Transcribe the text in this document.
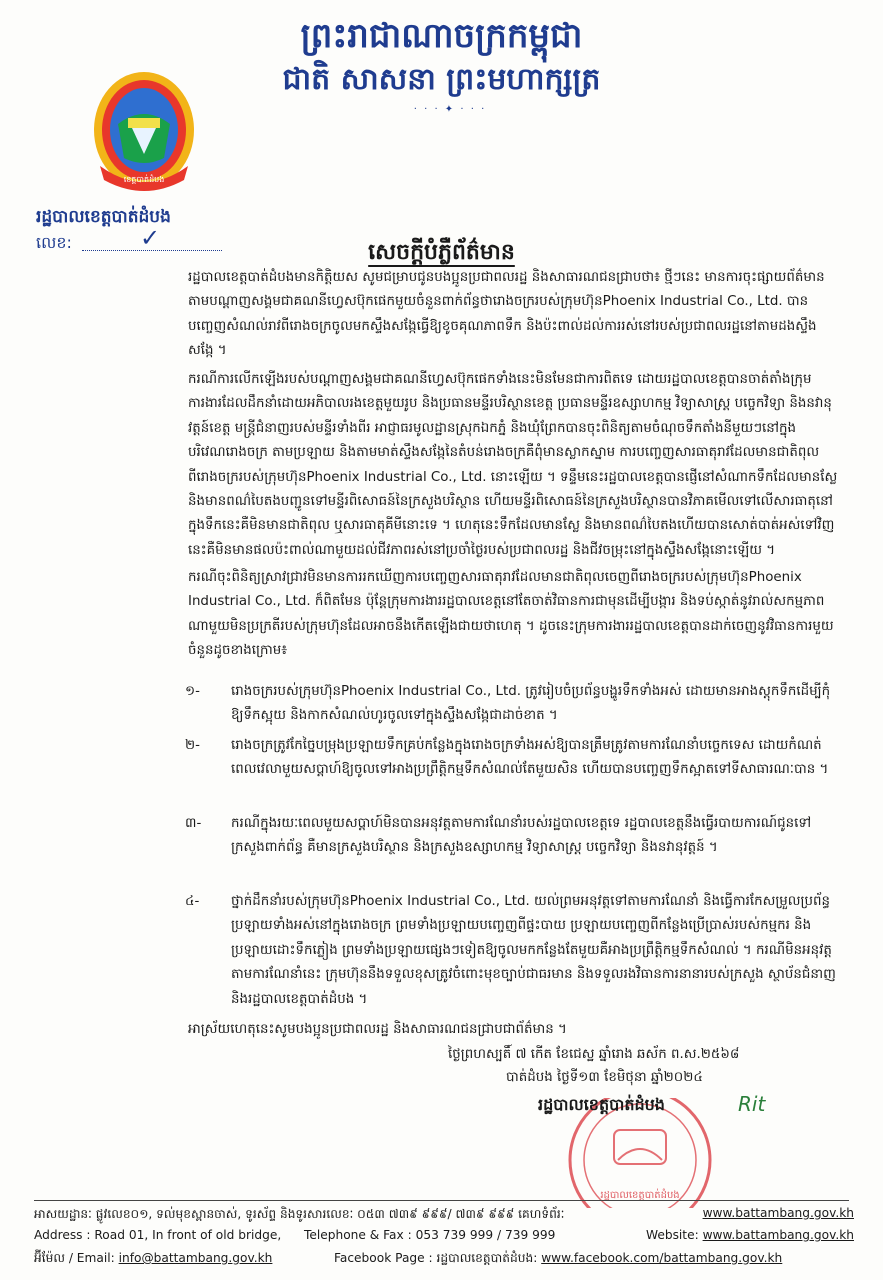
ព្រះរាជាណាចក្រកម្ពុជា
ជាតិ សាសនា ព្រះមហាក្សត្រ
· · · ✦ · · ·
ខេត្តបាត់ដំបង
រដ្ឋបាលខេត្តបាត់ដំបង
លេខ:	✓
សេចក្ដីបំភ្លឺព័ត៌មាន

រដ្ឋបាលខេត្តបាត់ដំបងមានកិត្តិយស សូមជម្រាបជូនបងប្អូនប្រជាពលរដ្ឋ និងសាធារណជនជ្រាបថា៖ ថ្មីៗនេះ មានការចុះផ្សាយព័ត៌មានតាមបណ្ដាញសង្គមជាគណនីហ្វេសប៊ុកផេកមួយចំនួនពាក់ព័ន្ធថារោងចក្ររបស់ក្រុមហ៊ុនPhoenix Industrial Co., Ltd. បានបញ្ចេញសំណល់រាវពីរោងចក្រចូលមកស្ទឹងសង្កែធ្វើឱ្យខូចគុណភាពទឹក និងប៉ះពាល់ដល់ការរស់នៅរបស់ប្រជាពលរដ្ឋនៅតាមដងស្ទឹងសង្កែ ។

ករណីការលើកឡើងរបស់បណ្ដាញសង្គមជាគណនីហ្វេសប៊ុកផេកទាំងនេះមិនមែនជាការពិតទេ ដោយរដ្ឋបាលខេត្តបានចាត់តាំងក្រុមការងារដែលដឹកនាំដោយអភិបាលរងខេត្តមួយរូប និងប្រធានមន្ទីរបរិស្ថានខេត្ត ប្រធានមន្ទីរឧស្សាហកម្ម វិទ្យាសាស្ត្រ បច្ចេកវិទ្យា និងនវានុវត្តន៍ខេត្ត មន្ត្រីជំនាញរបស់មន្ទីរទាំងពីរ អាជ្ញាធរមូលដ្ឋានស្រុកឯកភ្នំ និងឃុំព្រែកបានចុះពិនិត្យតាមចំណុចទឹកតាំងនីមួយៗនៅក្នុងបរិវេណរោងចក្រ តាមប្រឡាយ និងតាមមាត់ស្ទឹងសង្កែនៃតំបន់រោងចក្រគឺពុំមានស្លាកស្នាម ការបញ្ចេញសារធាតុរាវដែលមានជាតិពុលពីរោងចក្ររបស់ក្រុមហ៊ុនPhoenix Industrial Co., Ltd. នោះឡើយ ។ ទន្ទឹមនេះរដ្ឋបាលខេត្តបានផ្ញើនៅសំណាកទឹកដែលមានស្លែ និងមានពណ៌បៃតងបញ្ជូនទៅមន្ទីរពិសោធន៍នៃក្រសួងបរិស្ថាន ហើយមន្ទីរពិសោធន៍នៃក្រសួងបរិស្ថានបានវិភាគមើលទៅលើសារធាតុនៅក្នុងទឹកនេះគឺមិនមានជាតិពុល ឬសារធាតុគីមីនោះទេ ។ ហេតុនេះទឹកដែលមានស្លែ និងមានពណ៌បៃតងហើយបានសោត់បាត់អស់ទៅវិញនេះគឺមិនមានផលប៉ះពាល់ណាមួយដល់ជីវភាពរស់នៅប្រចាំថ្ងៃរបស់ប្រជាពលរដ្ឋ និងជីវចម្រុះនៅក្នុងស្ទឹងសង្កែនោះឡើយ ។

ករណីចុះពិនិត្យស្រាវជ្រាវមិនមានការរកឃើញការបញ្ចេញសារធាតុរាវដែលមានជាតិពុលចេញពីរោងចក្ររបស់ក្រុមហ៊ុនPhoenix Industrial Co., Ltd. ក៏ពិតមែន ប៉ុន្តែក្រុមការងាររដ្ឋបាលខេត្តនៅតែចាត់វិធានការជាមុនដើម្បីបង្ការ និងទប់ស្កាត់នូវរាល់សកម្មភាពណាមួយមិនប្រក្រតីរបស់ក្រុមហ៊ុនដែលអាចនឹងកើតឡើងជាយថាហេតុ ។ ដូចនេះក្រុមការងាររដ្ឋបាលខេត្តបានដាក់ចេញនូវវិធានការមួយចំនួនដូចខាងក្រោម៖

១- រោងចក្ររបស់ក្រុមហ៊ុនPhoenix Industrial Co., Ltd. ត្រូវរៀបចំប្រព័ន្ធបង្ហូរទឹកទាំងអស់ ដោយមានអាងស្ដុកទឹកដើម្បីកុំឱ្យទឹកស្អុយ និងកាកសំណល់ហូរចូលទៅក្នុងស្ទឹងសង្កែជាដាច់ខាត ។
២- រោងចក្រត្រូវកែច្នៃបម្រុងប្រឡាយទឹកគ្រប់កន្លែងក្នុងរោងចក្រទាំងអស់ឱ្យបានត្រឹមត្រូវតាមការណែនាំបច្ចេកទេស ដោយកំណត់ពេលវេលាមួយសប្ដាហ៍ឱ្យចូលទៅអាងប្រព្រឹត្តិកម្មទឹកសំណល់តែមួយសិន ហើយបានបញ្ចេញទឹកស្អាតទៅទីសាធារណៈបាន ។
៣- ករណីក្នុងរយៈពេលមួយសប្ដាហ៍មិនបានអនុវត្តតាមការណែនាំរបស់រដ្ឋបាលខេត្តទេ រដ្ឋបាលខេត្តនឹងធ្វើរបាយការណ៍ជូនទៅក្រសួងពាក់ព័ន្ធ គឺមានក្រសួងបរិស្ថាន និងក្រសួងឧស្សាហកម្ម វិទ្យាសាស្ត្រ បច្ចេកវិទ្យា និងនវានុវត្តន៍ ។
៤- ថ្នាក់ដឹកនាំរបស់ក្រុមហ៊ុនPhoenix Industrial Co., Ltd. យល់ព្រមអនុវត្តទៅតាមការណែនាំ និងធ្វើការកែសម្រួលប្រព័ន្ធប្រឡាយទាំងអស់នៅក្នុងរោងចក្រ ព្រមទាំងប្រឡាយបញ្ចេញពីផ្ទះបាយ ប្រឡាយបញ្ចេញពីកន្លែងប្រើប្រាស់របស់កម្មករ និងប្រឡាយដោះទឹកភ្លៀង ព្រមទាំងប្រឡាយផ្សេងៗទៀតឱ្យចូលមកកន្លែងតែមួយគឺអាងប្រព្រឹត្តិកម្មទឹកសំណល់ ។ ករណីមិនអនុវត្តតាមការណែនាំនេះ ក្រុមហ៊ុននឹងទទួលខុសត្រូវចំពោះមុខច្បាប់ជាធរមាន និងទទួលរងវិធានការនានារបស់ក្រសួង ស្ថាប័នជំនាញ និងរដ្ឋបាលខេត្តបាត់ដំបង ។
អាស្រ័យហេតុនេះសូមបងប្អូនប្រជាពលរដ្ឋ និងសាធារណជនជ្រាបជាព័ត៌មាន ។
ថ្ងៃព្រហស្បតិ៍ ៧ កើត ខែជេស្ឋ ឆ្នាំរោង ឆស័ក ព.ស.២៥៦៨
បាត់ដំបង ថ្ងៃទី១៣ ខែមិថុនា ឆ្នាំ២០២៤
រដ្ឋបាលខេត្តបាត់ដំបង
រដ្ឋបាលខេត្តបាត់ដំបង	Rit
អាសយដ្ឋានៈ ផ្លូវលេខ០១, ទល់មុខស្ពានចាស់, ទូរស័ព្ទ និងទូរសារលេខៈ ០៥៣ ៧៣៩ ៩៩៩/ ៧៣៩ ៩៩៩ គេហទំព័រៈ	www.battambang.gov.kh
Address : Road 01, In front of old bridge, Telephone & Fax : 053 739 999 / 739 999	Website: www.battambang.gov.kh
អ៊ីម៉ែល / Email: info@battambang.gov.kh	Facebook Page : រដ្ឋបាលខេត្តបាត់ដំបង: www.facebook.com/battambang.gov.kh
